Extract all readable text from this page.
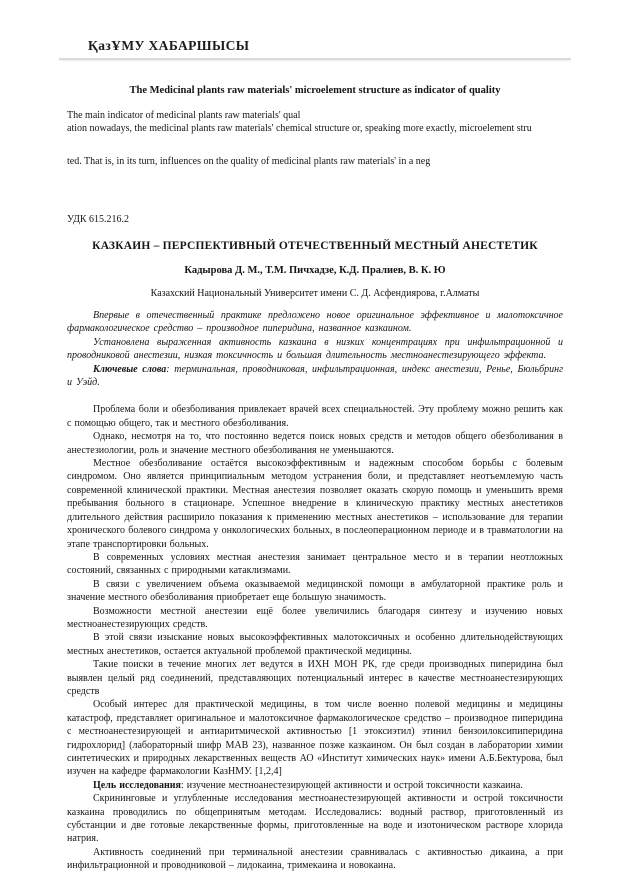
ҚазҰМУ ХАБАРШЫСЫ
The Medicinal plants raw materials' microelement structure as indicator of quality
The main indicator of medicinal plants raw materials' qual
ation nowadays, the medicinal plants raw materials' chemical structure or, speaking more exactly, microelement stru
ted. That is, in its turn, influences on the quality of medicinal plants raw materials' in a neg
УДК 615.216.2
КАЗКАИН – ПЕРСПЕКТИВНЫЙ ОТЕЧЕСТВЕННЫЙ МЕСТНЫЙ АНЕСТЕТИК
Кадырова Д. М., Т.М. Пичхадзе, К.Д. Пралиев, В. К. Ю
Казахский Национальный Университет имени С. Д. Асфендиярова, г.Алматы

Впервые в отечественный практике предложено новое оригинальное эффективное и малотоксичное фармакологическое средство – производное пиперидина, названное казкаином.

Установлена выраженная активность казкаина в низких концентрациях при инфильтрационной и проводниковой анестезии, низкая токсичность и большая длительность местноанестезирующего эффекта.

Ключевые слова: терминальная, проводниковая, инфильтрационная, индекс анестезии, Ренье, Бюльбринг и Уэйд.

Проблема боли и обезболивания привлекает врачей всех специальностей. Эту проблему можно решить как с помощью общего, так и местного обезболивания.

Однако, несмотря на то, что постоянно ведется поиск новых средств и методов общего обезболивания в анестезиологии, роль и значение местного обезболивания не уменьшаются.

Местное обезболивание остаётся высокоэффективным и надежным способом борьбы с болевым синдромом. Оно является принципиальным методом устранения боли, и представляет неотъемлемую часть современной клинической практики. Местная анестезия позволяет оказать скорую помощь и уменьшить время пребывания больного в стационаре. Успешное внедрение в клиническую практику местных анестетиков длительного действия расширило показания к применению местных анестетиков – использование для терапии хронического болевого синдрома у онкологических больных, в послеоперационном периоде и в травматологии на этапе транспортировки больных.

В современных условиях местная анестезия занимает центральное место и в терапии неотложных состояний, связанных с природными катаклизмами.

В связи с увеличением объема оказываемой медицинской помощи в амбулаторной практике роль и значение местного обезболивания приобретает еще большую значимость.

Возможности местной анестезии ещё более увеличились благодаря синтезу и изучению новых местноанестезирующих средств.

В этой связи изыскание новых высокоэффективных малотоксичных и особенно длительнодействующих местных анестетиков, остается актуальной проблемой практической медицины.

Такие поиски в течение многих лет ведутся в ИХН МОН РК, где среди производных пиперидина был выявлен целый ряд соединений, представляющих потенциальный интерес в качестве местноанестезирующих средств

Особый интерес для практической медицины, в том числе военно полевой медицины и медицины катастроф, представляет оригинальное и малотоксичное фармакологическое средство – производное пиперидина с местноанестезирующей и антиаритмической активностью [1 этоксиэтил) этинил бензоилоксипиперидина гидрохлорид] (лабораторный шифр МАВ 23), названное позже казкаином. Он был создан в лаборатории химии синтетических и природных лекарственных веществ АО «Институт химических наук» имени А.Б.Бектурова, был изучен на кафедре фармакологии КазНМУ. [1,2,4]

Цель исследования: изучение местноанестезирующей активности и острой токсичности казкаина.

Скрининговые и углубленные исследования местноанестезирующей активности и острой токсичности казкаина проводились по общепринятым методам. Исследовались: водный раствор, приготовленный из субстанции и две готовые лекарственные формы, приготовленные на воде и изотоническом растворе хлорида натрия.

Активность соединений при терминальной анестезии сравнивалась с активностью дикаина, а при инфильтрационной и проводниковой – лидокаина, тримекаина и новокаина.
